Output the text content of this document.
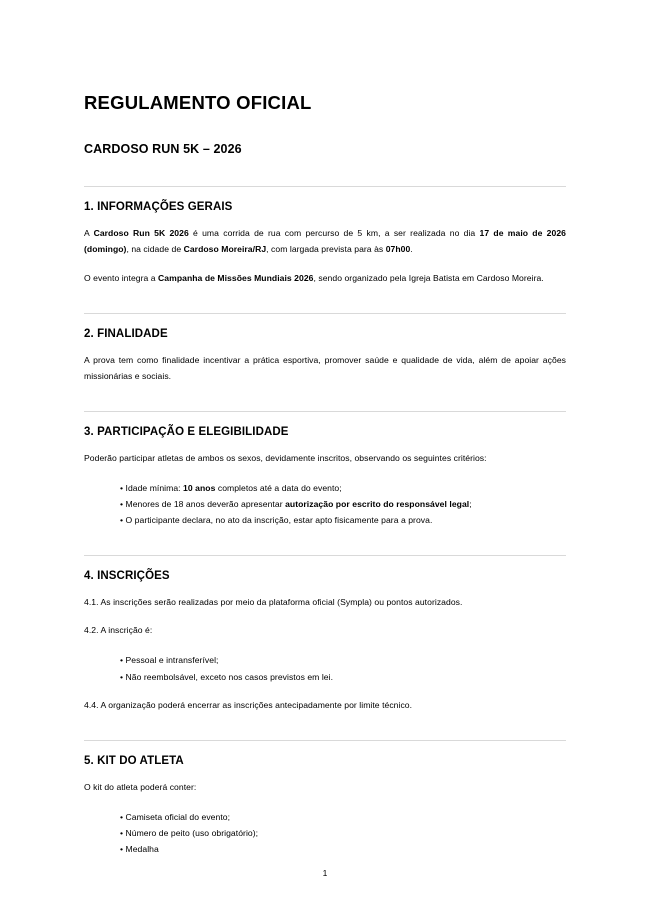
REGULAMENTO OFICIAL
CARDOSO RUN 5K – 2026
1. INFORMAÇÕES GERAIS

A Cardoso Run 5K 2026 é uma corrida de rua com percurso de 5 km, a ser realizada no dia 17 de maio de 2026 (domingo), na cidade de Cardoso Moreira/RJ, com largada prevista para às 07h00.

O evento integra a Campanha de Missões Mundiais 2026, sendo organizado pela Igreja Batista em Cardoso Moreira.

2. FINALIDADE

A prova tem como finalidade incentivar a prática esportiva, promover saúde e qualidade de vida, além de apoiar ações missionárias e sociais.

3. PARTICIPAÇÃO E ELEGIBILIDADE

Poderão participar atletas de ambos os sexos, devidamente inscritos, observando os seguintes critérios:

• Idade mínima: 10 anos completos até a data do evento;
• Menores de 18 anos deverão apresentar autorização por escrito do responsável legal;
• O participante declara, no ato da inscrição, estar apto fisicamente para a prova.
4. INSCRIÇÕES

4.1. As inscrições serão realizadas por meio da plataforma oficial (Sympla) ou pontos autorizados.

4.2. A inscrição é:

• Pessoal e intransferível;
• Não reembolsável, exceto nos casos previstos em lei.

4.4. A organização poderá encerrar as inscrições antecipadamente por limite técnico.

5. KIT DO ATLETA

O kit do atleta poderá conter:

• Camiseta oficial do evento;
• Número de peito (uso obrigatório);
• Medalha
1
